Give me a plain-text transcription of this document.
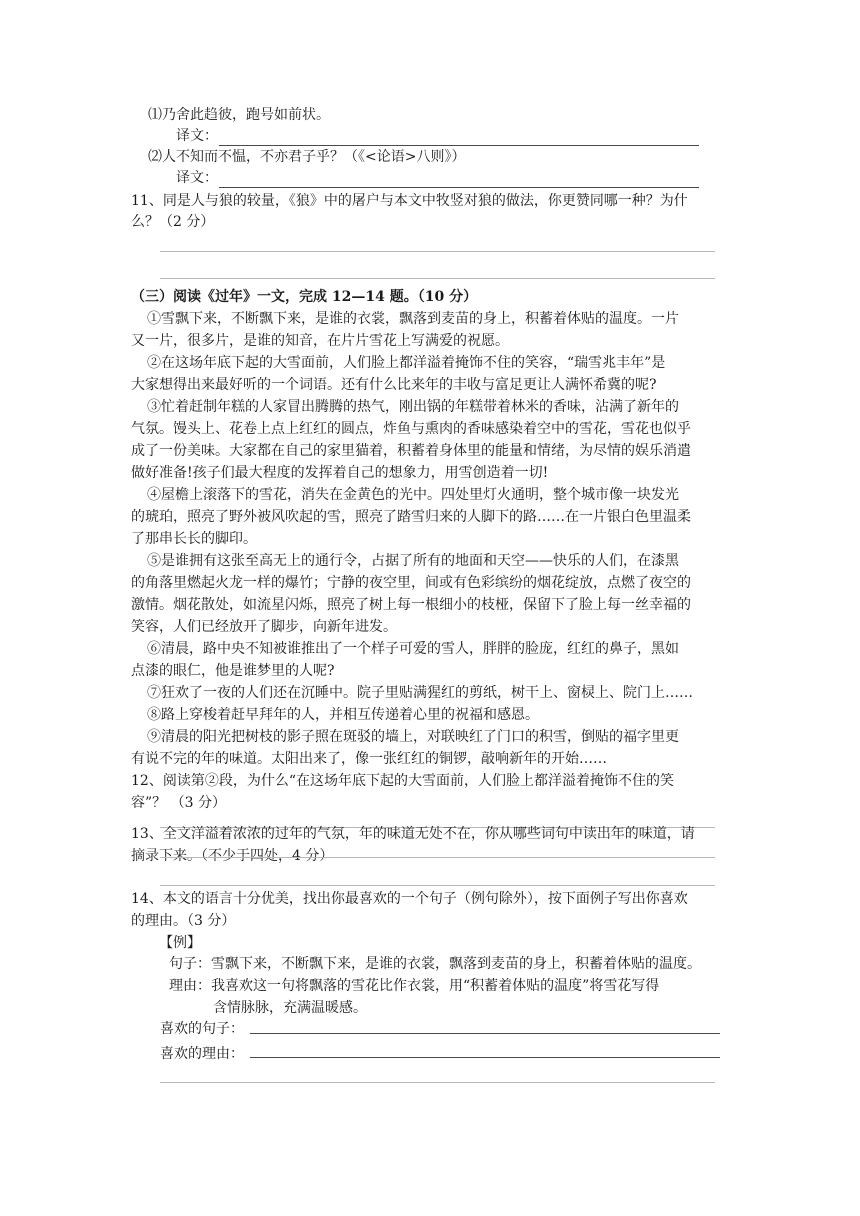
⑴乃舍此趋彼，跑号如前状。
译文：
⑵人不知而不愠，不亦君子乎？（《<论语>八则》）
译文：
11、同是人与狼的较量，《狼》中的屠户与本文中牧竖对狼的做法，你更赞同哪一种？为什
么？（2 分）
（三）阅读《过年》一文，完成 12—14 题。（10 分）
①雪飘下来，不断飘下来，是谁的衣裳，飘落到麦苗的身上，积蓄着体贴的温度。一片
又一片，很多片，是谁的知音，在片片雪花上写满爱的祝愿。
②在这场年底下起的大雪面前，人们脸上都洋溢着掩饰不住的笑容，“瑞雪兆丰年”是
大家想得出来最好听的一个词语。还有什么比来年的丰收与富足更让人满怀希冀的呢?
③忙着赶制年糕的人家冒出腾腾的热气，刚出锅的年糕带着林米的香味，沾满了新年的
气氛。馒头上、花卷上点上红红的圆点，炸鱼与熏肉的香味感染着空中的雪花，雪花也似乎
成了一份美味。大家都在自己的家里猫着，积蓄着身体里的能量和情绪，为尽情的娱乐消遣
做好准备!孩子们最大程度的发挥着自己的想象力，用雪创造着一切!
④屋檐上滚落下的雪花，消失在金黄色的光中。四处里灯火通明，整个城市像一块发光
的琥珀，照亮了野外被风吹起的雪，照亮了踏雪归来的人脚下的路……在一片银白色里温柔
了那串长长的脚印。
⑤是谁拥有这张至高无上的通行令，占据了所有的地面和天空——快乐的人们，在漆黑
的角落里燃起火龙一样的爆竹；宁静的夜空里，间或有色彩缤纷的烟花绽放，点燃了夜空的
激情。烟花散处，如流星闪烁，照亮了树上每一根细小的枝桠，保留下了脸上每一丝幸福的
笑容，人们已经放开了脚步，向新年进发。
⑥清晨，路中央不知被谁推出了一个样子可爱的雪人，胖胖的脸庞，红红的鼻子，黑如
点漆的眼仁，他是谁梦里的人呢?
⑦狂欢了一夜的人们还在沉睡中。院子里贴满猩红的剪纸，树干上、窗棂上、院门上……
⑧路上穿梭着赶早拜年的人，并相互传递着心里的祝福和感恩。
⑨清晨的阳光把树枝的影子照在斑驳的墙上，对联映红了门口的积雪，倒贴的福字里更
有说不完的年的味道。太阳出来了，像一张红红的铜锣，敲响新年的开始……
12、阅读第②段，为什么“在这场年底下起的大雪面前，人们脸上都洋溢着掩饰不住的笑
容”？ （3 分）
13、全文洋溢着浓浓的过年的气氛，年的味道无处不在，你从哪些词句中读出年的味道，请
摘录下来。（不少于四处，4 分）
14、本文的语言十分优美，找出你最喜欢的一个句子（例句除外），按下面例子写出你喜欢
的理由。（3 分）
【例】
句子：雪飘下来，不断飘下来，是谁的衣裳，飘落到麦苗的身上，积蓄着体贴的温度。
理由：我喜欢这一句将飘落的雪花比作衣裳，用“积蓄着体贴的温度”将雪花写得
含情脉脉，充满温暖感。
喜欢的句子：
喜欢的理由：
